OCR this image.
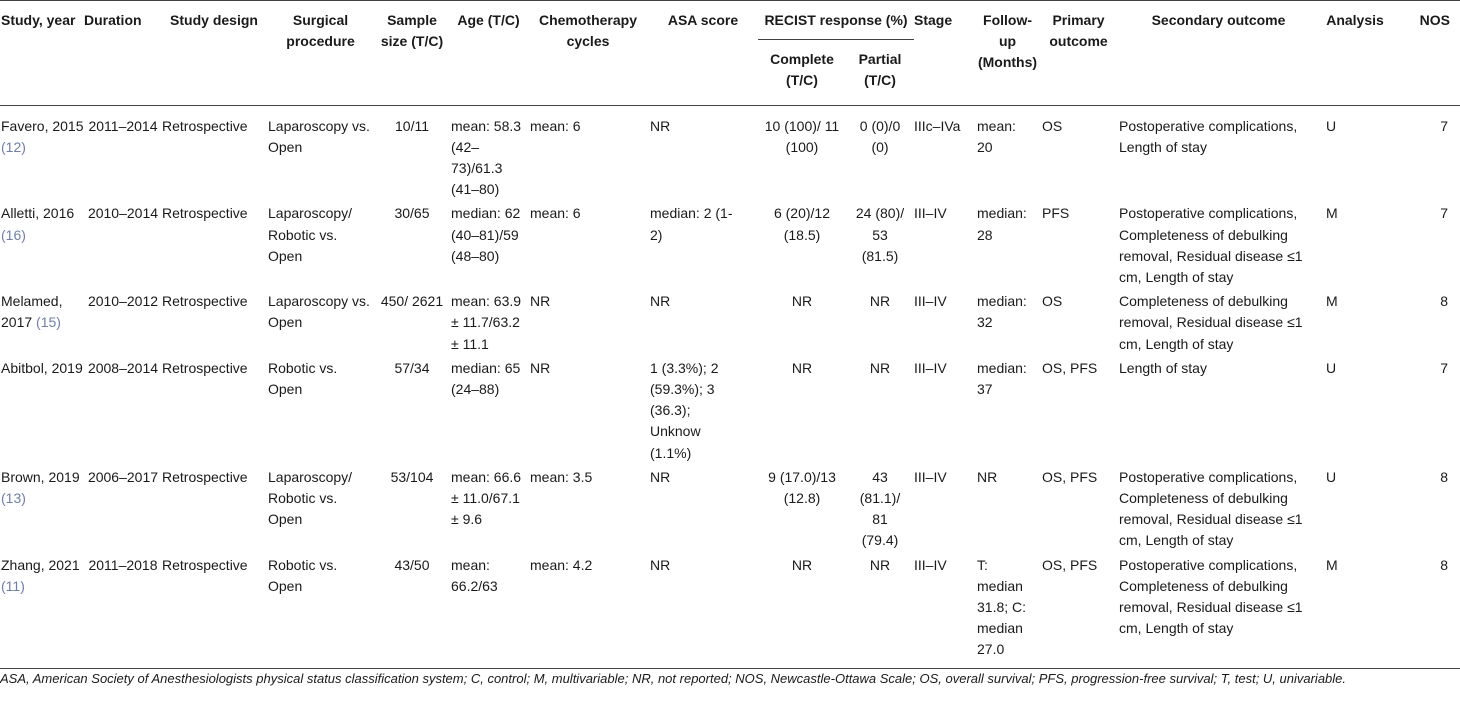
Study, year	Duration	Study design	Surgical procedure	Sample size (T/C)	Age (T/C)	Chemotherapy cycles	ASA score	RECIST response (%)		Stage	Follow-up (Months)	Primary outcome	Secondary outcome	Analysis	NOS
								Complete (T/C)	Partial (T/C)						
Favero, 2015 (12)	2011–2014	Retrospective	Laparoscopy vs. Open	10/11	mean: 58.3 (42–73)/61.3 (41–80)	mean: 6	NR	10 (100)/ 11 (100)	0 (0)/0 (0)	IIIc–IVa	mean: 20	OS	Postoperative complications, Length of stay	U	7
Alletti, 2016 (16)	2010–2014	Retrospective	Laparoscopy/ Robotic vs. Open	30/65	median: 62 (40–81)/59 (48–80)	mean: 6	median: 2 (1-2)	6 (20)/12 (18.5)	24 (80)/ 53 (81.5)	III–IV	median: 28	PFS	Postoperative complications, Completeness of debulking removal, Residual disease ≤1 cm, Length of stay	M	7
Melamed, 2017 (15)	2010–2012	Retrospective	Laparoscopy vs. Open	450/ 2621	mean: 63.9 ± 11.7/63.2 ± 11.1	NR	NR	NR	NR	III–IV	median: 32	OS	Completeness of debulking removal, Residual disease ≤1 cm, Length of stay	M	8
Abitbol, 2019	2008–2014	Retrospective	Robotic vs. Open	57/34	median: 65 (24–88)	NR	1 (3.3%); 2 (59.3%); 3 (36.3); Unknow (1.1%)	NR	NR	III–IV	median: 37	OS, PFS	Length of stay	U	7
Brown, 2019 (13)	2006–2017	Retrospective	Laparoscopy/ Robotic vs. Open	53/104	mean: 66.6 ± 11.0/67.1 ± 9.6	mean: 3.5	NR	9 (17.0)/13 (12.8)	43 (81.1)/ 81 (79.4)	III–IV	NR	OS, PFS	Postoperative complications, Completeness of debulking removal, Residual disease ≤1 cm, Length of stay	U	8
Zhang, 2021 (11)	2011–2018	Retrospective	Robotic vs. Open	43/50	mean: 66.2/63	mean: 4.2	NR	NR	NR	III–IV	T: median 31.8; C: median 27.0	OS, PFS	Postoperative complications, Completeness of debulking removal, Residual disease ≤1 cm, Length of stay	M	8
ASA, American Society of Anesthesiologists physical status classification system; C, control; M, multivariable; NR, not reported; NOS, Newcastle-Ottawa Scale; OS, overall survival; PFS, progression-free survival; T, test; U, univariable.
